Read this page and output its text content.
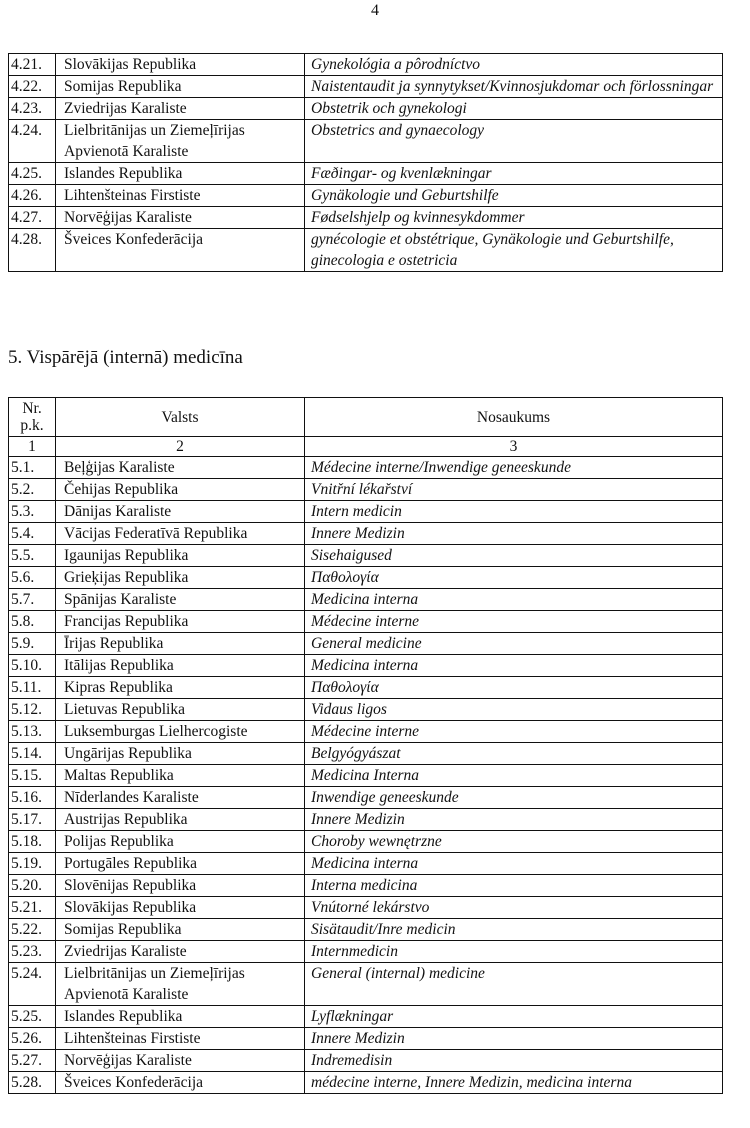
4
4.21.	Slovākijas Republika	Gynekológia a pôrodníctvo
4.22.	Somijas Republika	Naistentaudit ja synnytykset/Kvinnosjukdomar och förlossningar
4.23.	Zviedrijas Karaliste	Obstetrik och gynekologi
4.24.	Lielbritānijas un Ziemeļīrijas Apvienotā Karaliste	Obstetrics and gynaecology
4.25.	Islandes Republika	Fæðingar- og kvenlækningar
4.26.	Lihtenšteinas Firstiste	Gynäkologie und Geburtshilfe
4.27.	Norvēģijas Karaliste	Fødselshjelp og kvinnesykdommer
4.28.	Šveices Konfederācija	gynécologie et obstétrique, Gynäkologie und Geburtshilfe, ginecologia e ostetricia
5. Vispārējā (internā) medicīna
Nr. p.k.	Valsts	Nosaukums
1	2	3
5.1.	Beļģijas Karaliste	Médecine interne/Inwendige geneeskunde
5.2.	Čehijas Republika	Vnitřní lékařství
5.3.	Dānijas Karaliste	Intern medicin
5.4.	Vācijas Federatīvā Republika	Innere Medizin
5.5.	Igaunijas Republika	Sisehaigused
5.6.	Grieķijas Republika	Παθολογία
5.7.	Spānijas Karaliste	Medicina interna
5.8.	Francijas Republika	Médecine interne
5.9.	Īrijas Republika	General medicine
5.10.	Itālijas Republika	Medicina interna
5.11.	Kipras Republika	Παθολογία
5.12.	Lietuvas Republika	Vidaus ligos
5.13.	Luksemburgas Lielhercogiste	Médecine interne
5.14.	Ungārijas Republika	Belgyógyászat
5.15.	Maltas Republika	Medicina Interna
5.16.	Nīderlandes Karaliste	Inwendige geneeskunde
5.17.	Austrijas Republika	Innere Medizin
5.18.	Polijas Republika	Choroby wewnętrzne
5.19.	Portugāles Republika	Medicina interna
5.20.	Slovēnijas Republika	Interna medicina
5.21.	Slovākijas Republika	Vnútorné lekárstvo
5.22.	Somijas Republika	Sisätaudit/Inre medicin
5.23.	Zviedrijas Karaliste	Internmedicin
5.24.	Lielbritānijas un Ziemeļīrijas Apvienotā Karaliste	General (internal) medicine
5.25.	Islandes Republika	Lyflækningar
5.26.	Lihtenšteinas Firstiste	Innere Medizin
5.27.	Norvēģijas Karaliste	Indremedisin
5.28.	Šveices Konfederācija	médecine interne, Innere Medizin, medicina interna
